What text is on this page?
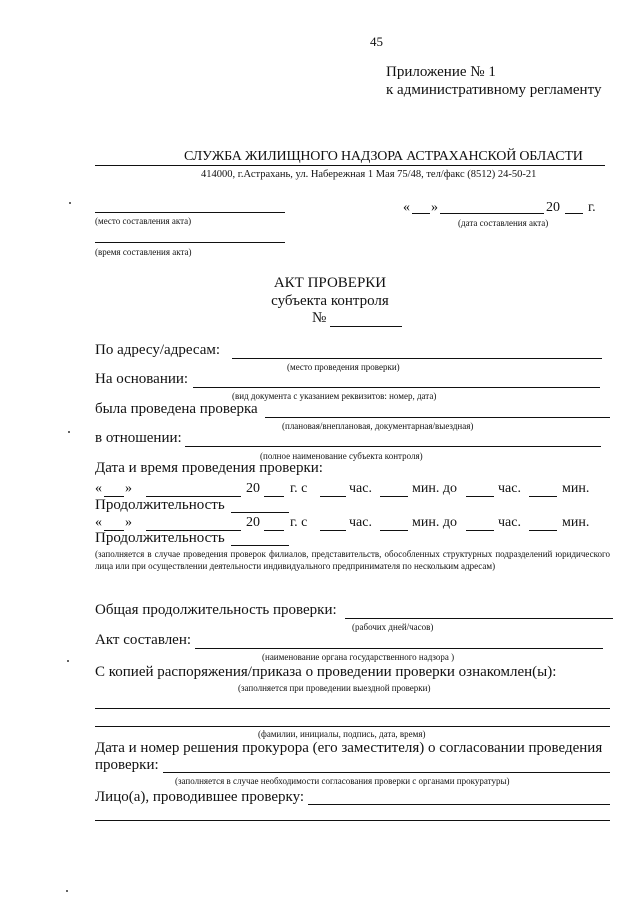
45
Приложение № 1
к административному регламенту
СЛУЖБА ЖИЛИЩНОГО НАДЗОРА АСТРАХАНСКОЙ ОБЛАСТИ
414000, г.Астрахань, ул. Набережная 1 Мая 75/48, тел/факс (8512) 24-50-21
(место составления акта)
« »	20 г.
(дата составления акта)
(время составления акта)
АКТ ПРОВЕРКИ
субъекта контроля
№
По адресу/адресам:
(место проведения проверки)
На основании:
(вид документа с указанием реквизитов: номер, дата)
была проведена проверка
(плановая/внеплановая, документарная/выездная)
в отношении:
(полное наименование субъекта контроля)
Дата и время проведения проверки:
« »	20 г. с	час.	мин. до	час.	мин.
Продолжительность
« »	20 г. с	час.	мин. до	час.	мин.
Продолжительность
(заполняется в случае проведения проверок филиалов, представительств, обособленных структурных подразделений юридического лица или при осуществлении деятельности индивидуального предпринимателя по нескольким адресам)
Общая продолжительность проверки:
(рабочих дней/часов)
Акт составлен:
(наименование органа государственного надзора )
С копией распоряжения/приказа о проведении проверки ознакомлен(ы):
(заполняется при проведении выездной проверки)
(фамилии, инициалы, подпись, дата, время)
Дата и номер решения прокурора (его заместителя) о согласовании проведения
проверки:
(заполняется в случае необходимости согласования проверки с органами прокуратуры)
Лицо(а), проводившее проверку:
